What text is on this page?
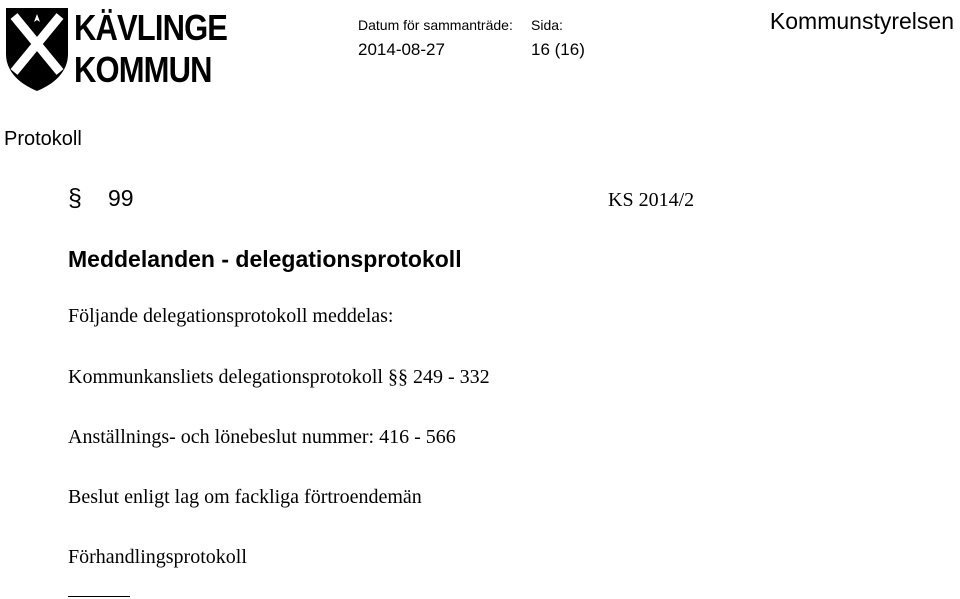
KÄVLINGE
KOMMUN
Datum för sammanträde:
2014-08-27
Sida:
16 (16)
Kommunstyrelsen
Protokoll
§ 99	KS 2014/2
Meddelanden - delegationsprotokoll
Följande delegationsprotokoll meddelas:
Kommunkansliets delegationsprotokoll §§ 249 - 332
Anställnings- och lönebeslut nummer: 416 - 566
Beslut enligt lag om fackliga förtroendemän
Förhandlingsprotokoll
